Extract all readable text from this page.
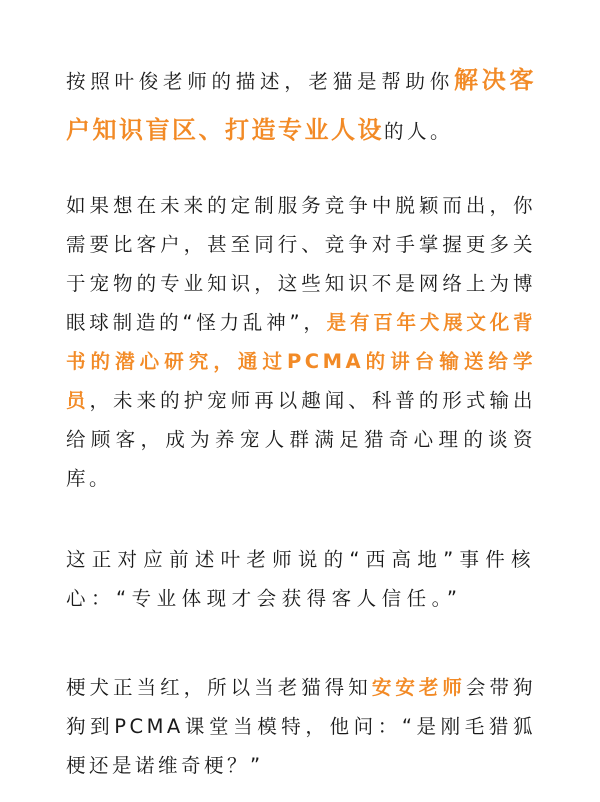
按照叶俊老师的描述，老猫是帮助你解决客户知识盲区、打造专业人设的人。

如果想在未来的定制服务竞争中脱颖而出，你需要比客户，甚至同行、竞争对手掌握更多关于宠物的专业知识，这些知识不是网络上为博眼球制造的“怪力乱神”，是有百年犬展文化背书的潜心研究，通过PCMA的讲台输送给学员，未来的护宠师再以趣闻、科普的形式输出给顾客，成为养宠人群满足猎奇心理的谈资库。

这正对应前述叶老师说的“西高地”事件核心：“专业体现才会获得客人信任。”

梗犬正当红，所以当老猫得知安安老师会带狗狗到PCMA课堂当模特，他问：“是刚毛猎狐梗还是诺维奇梗？”
